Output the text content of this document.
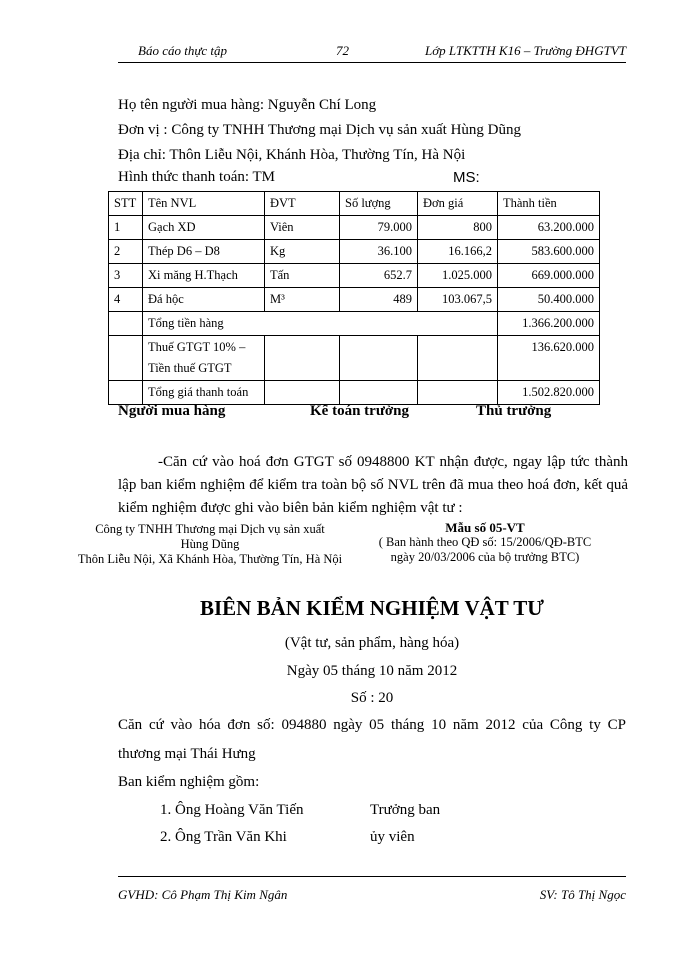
Báo cáo thực tập	72	Lớp LTKTTH K16 – Trường ĐHGTVT
Họ tên người mua hàng: Nguyễn Chí Long
Đơn vị : Công ty TNHH Thương mại Dịch vụ sản xuất Hùng Dũng
Địa chỉ: Thôn Liễu Nội, Khánh Hòa, Thường Tín, Hà Nội
Hình thức thanh toán: TM	MS:
STT	Tên NVL	ĐVT	Số lượng	Đơn giá	Thành tiền
1	Gạch XD	Viên	79.000	800	63.200.000
2	Thép D6 – D8	Kg	36.100	16.166,2	583.600.000
3	Xi măng H.Thạch	Tấn	652.7	1.025.000	669.000.000
4	Đá hộc	M³	489	103.067,5	50.400.000
	Tổng tiền hàng				1.366.200.000
	Thuế GTGT 10% – Tiền thuế GTGT				136.620.000
	Tổng giá thanh toán				1.502.820.000
Người mua hàng	Kế toán trưởng	Thủ trưởng
-Căn cứ vào hoá đơn GTGT số 0948800 KT nhận được, ngay lập tức thành lập ban kiểm nghiệm để kiểm tra toàn bộ số NVL trên đã mua theo hoá đơn, kết quả kiểm nghiệm được ghi vào biên bản kiểm nghiệm vật tư :
Công ty TNHH Thương mại Dịch vụ sản xuất Hùng Dũng
Thôn Liễu Nội, Xã Khánh Hòa, Thường Tín, Hà Nội
Mẫu số 05-VT
( Ban hành theo QĐ số: 15/2006/QĐ-BTC
ngày 20/03/2006 của bộ trưởng BTC)
BIÊN BẢN KIỂM NGHIỆM VẬT TƯ
(Vật tư, sản phẩm, hàng hóa)
Ngày 05 tháng 10 năm 2012
Số : 20
Căn cứ vào hóa đơn số: 094880 ngày 05 tháng 10 năm 2012 của Công ty CP
thương mại Thái Hưng
Ban kiểm nghiệm gồm:
1. Ông Hoàng Văn Tiến	Trưởng ban
2. Ông Trần Văn Khi	ủy viên
GVHD: Cô Phạm Thị Kim Ngân	SV: Tô Thị Ngọc
